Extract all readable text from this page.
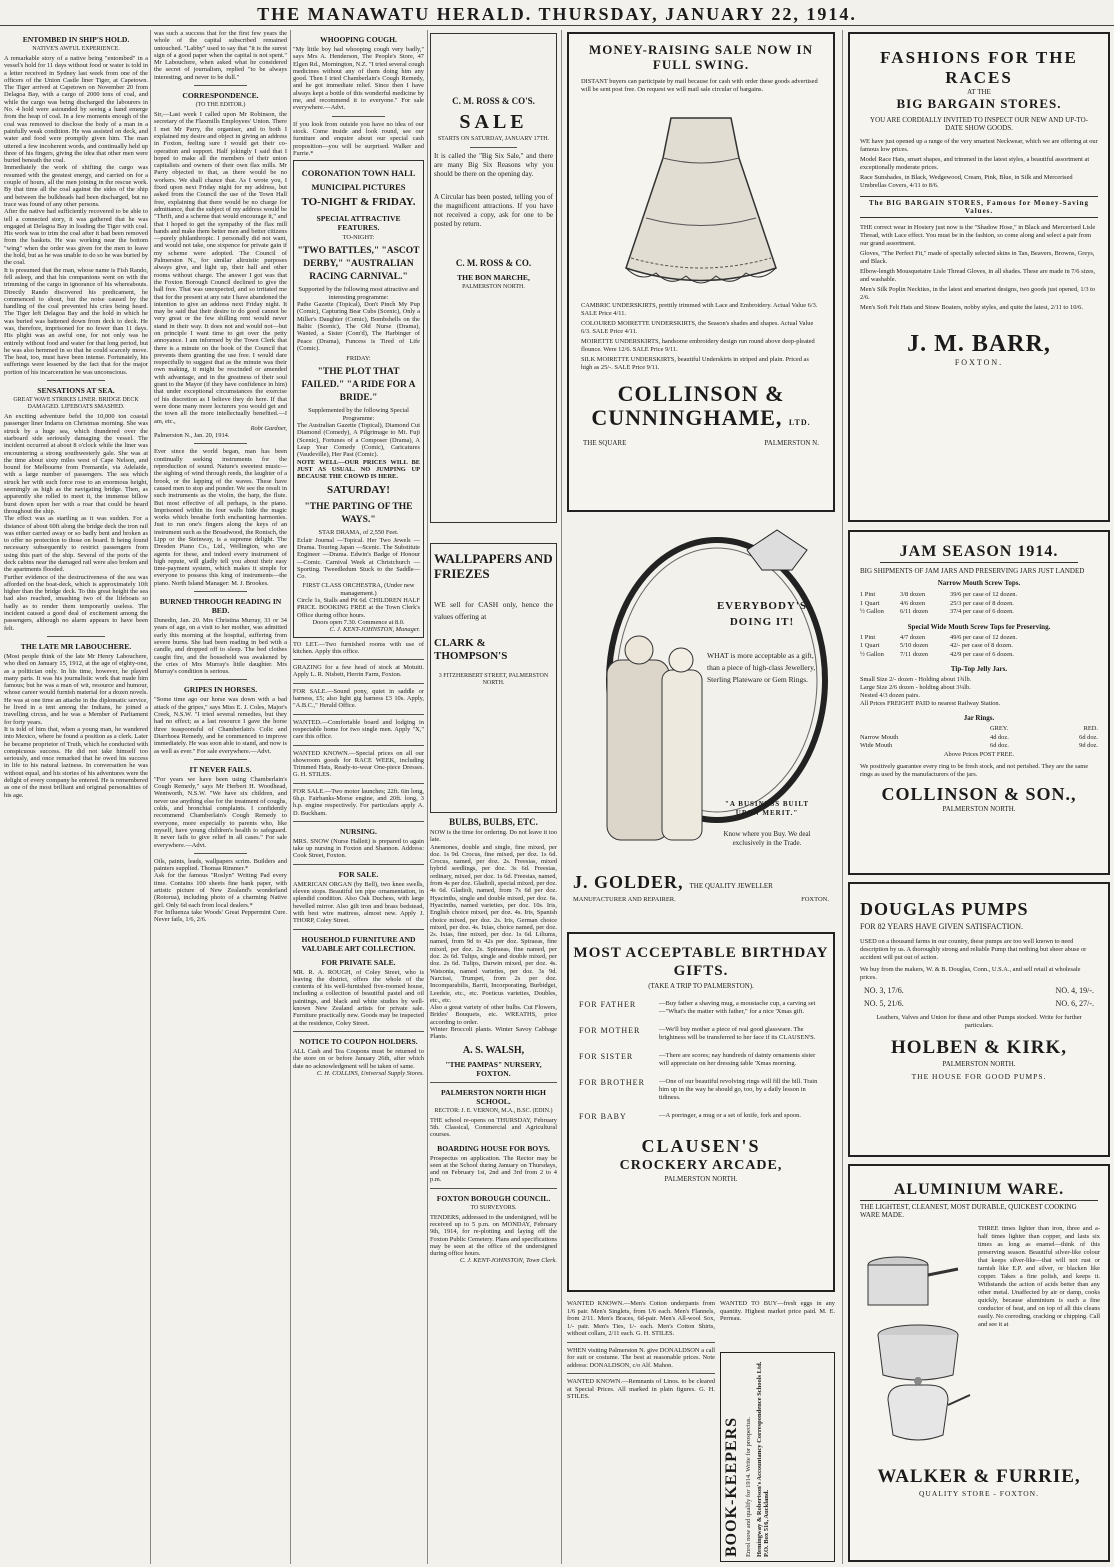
THE MANAWATU HERALD. THURSDAY, JANUARY 22, 1914.
ENTOMBED IN SHIP'S HOLD.
NATIVE'S AWFUL EXPERIENCE.

A remarkable story of a native being "entombed" in a vessel's hold for 11 days without food or water is told in a letter received in Sydney last week from one of the officers of the Union Castle liner Tiger, at Capetown. The Tiger arrived at Capetown on November 20 from Delagoa Bay, with a cargo of 2000 tons of coal, and while the cargo was being discharged the labourers in No. 4 hold were astounded by seeing a hand emerge from the heap of coal. In a few moments enough of the coal was removed to disclose the body of a man in a painfully weak condition. He was assisted on deck, and water and food were promptly given him. The man uttered a few incoherent words, and continually held up three of his fingers, giving the idea that other men were buried beneath the coal.

Immediately the work of shifting the cargo was resumed with the greatest energy, and carried on for a couple of hours, all the men joining in the rescue work. By that time all the coal against the sides of the ship and between the bulkheads had been discharged, but no trace was found of any other persons.

After the native had sufficiently recovered to be able to tell a connected story, it was gathered that he was engaged at Delagoa Bay in loading the Tiger with coal. His work was to trim the coal after it had been removed from the baskets. He was working near the bottom "wing" when the order was given for the men to leave the hold, but as he was unable to do so he was buried by the coal.

It is presumed that the man, whose name is Fish Rando, fell asleep, and that his companions went on with the trimming of the cargo in ignorance of his whereabouts. Directly Rando discovered his predicament, he commenced to shout, but the noise caused by the handling of the coal prevented his cries being heard. The Tiger left Delagoa Bay and the hold in which he was buried was battened down from deck to deck. He was, therefore, imprisoned for no fewer than 11 days. His plight was an awful one, for not only was he entirely without food and water for that long period, but he was also hemmed in so that he could scarcely move. The heat, too, must have been intense. Fortunately, his sufferings were lessened by the fact that for the major portion of his incarceration he was unconscious.

SENSATIONS AT SEA.
GREAT WAVE STRIKES LINER. BRIDGE DECK DAMAGED. LIFEBOATS SMASHED.

An exciting adventure befel the 10,000 ton coastal passenger liner Indarra on Christmas morning. She was struck by a huge sea, which thundered over the starboard side seriously damaging the vessel. The incident occurred at about 8 o'clock while the liner was encountering a strong southwesterly gale. She was at the time about sixty miles west of Cape Nelson, and bound for Melbourne from Fremantle, via Adelaide, with a large number of passengers. The sea which struck her with such force rose to an enormous height, seemingly as high as the navigating bridge. Then, as apparently she rolled to meet it, the immense billow burst down upon her with a roar that could be heard throughout the ship.

The effect was as startling as it was sudden. For a distance of about 60ft along the bridge deck the iron rail was either carried away or so badly bent and broken as to offer no protection to those on board. It being found necessary subsequently to restrict passengers from using this part of the ship. Several of the ports of the deck cabins near the damaged rail were also broken and the apartments flooded.

Further evidence of the destructiveness of the sea was afforded on the boat-deck, which is approximately 10ft higher than the bridge deck. To this great height the sea had also reached, smashing two of the lifeboats so badly as to render them temporarily useless. The incident caused a good deal of excitement among the passengers, although no alarm appears to have been felt.

THE LATE MR LABOUCHERE.

(Most people think of the late Mr Henry Labouchere, who died on January 15, 1912, at the age of eighty-one, as a politician only. In his time, however, he played many parts. It was his journalistic work that made him famous; but he was a man of wit, resource and humour, whose career would furnish material for a dozen novels. He was at one time an attache in the diplomatic service, he lived in a tent among the Indians, he joined a travelling circus, and he was a Member of Parliament for forty years.

It is told of him that, when a young man, he wandered into Mexico, where he found a position as a clerk. Later he became proprietor of Truth, which he conducted with conspicuous success. He did not take himself too seriously, and once remarked that he owed his success in life to his natural laziness. In conversation he was without equal, and his stories of his adventures were the delight of every company he entered. He is remembered as one of the most brilliant and original personalities of his age.

was such a success that for the first few years the whole of the capital subscribed remained untouched. "Labby" used to say that "it is the surest sign of a good paper when the capital is not spent." Mr Labouchere, when asked what he considered the secret of journalism, replied "to be always interesting, and never to be dull."

CORRESPONDENCE.
(TO THE EDITOR.)

Sir,—Last week I called upon Mr Robinson, the secretary of the Flaxmills Employees' Union. There I met Mr Parry, the organiser, and to both I explained my desire and object in giving an address in Foxton, feeling sure I would get their co-operation and support. Half jokingly I said that I hoped to make all the members of their union capitalists and owners of their own flax mills. Mr Parry objected to that, as there would be no workers. We shall chance that. As I wrote you, I fixed upon next Friday night for my address, but asked from the Council the use of the Town Hall free, explaining that there would be no charge for admittance, that the subject of my address would be "Thrift, and a scheme that would encourage it," and that I hoped to get the sympathy of the flax mill hands and make them better men and better citizens—purely philanthropic. I personally did not want, and would not take, one sixpence for private gain if my scheme were adopted. The Council of Palmerston N., for similar altruistic purposes always give, and light up, their hall and other rooms without charge. The answer I got was that the Foxton Borough Council declined to give the hall free. That was unexpected, and so irritated me that for the present at any rate I have abandoned the intention to give an address next Friday night. It may be said that their desire to do good cannot be very great or the few shilling rent would never stand in their way. It does not and would not—but on principle I want time to get over the petty annoyance. I am informed by the Town Clerk that there is a minute on the book of the Council that prevents them granting the use free. I would dare respectfully to suggest that as the minute was their own making, it might be rescinded or amended with advantage, and in the greatness of their soul grant to the Mayor (if they have confidence in him) that under exceptional circumstances the exercise of his discretion as I believe they do here. If that were done many more lecturers you would get and the town all the more intellectually benefited.—I am, etc.,

Robt Gardner,

Palmerston N., Jan. 20, 1914.

Ever since the world began, man has been continually seeking instruments for the reproduction of sound. Nature's sweetest music—the sighing of wind through reeds, the laughter of a brook, or the lapping of the waves. These have caused men to stop and ponder. We see the result in such instruments as the violin, the harp, the flute. But most effective of all perhaps, is the piano. Imprisoned within its four walls hide the magic works which breathe forth enchanting harmonies. Just to run one's fingers along the keys of an instrument such as the Broadwood, the Ronisch, the Lipp or the Steinway, is a supreme delight. The Dresden Piano Co., Ltd., Wellington, who are agents for these, and indeed every instrument of high repute, will gladly tell you about their easy time-payment system, which makes it simple for everyone to possess this king of instruments—the piano. North Island Manager: M. J. Brookes.

BURNED THROUGH READING IN BED.

Dunedin, Jan. 20. Mrs Christina Murray, 33 or 34 years of age, on a visit to her mother, was admitted early this morning at the hospital, suffering from severe burns. She had been reading in bed with a candle, and dropped off to sleep. The bed clothes caught fire, and the household was awakened by the cries of Mrs Murray's little daughter. Mrs Murray's condition is serious.

GRIPES IN HORSES.

"Some time ago our horse was down with a bad attack of the gripes," says Miss E. J. Coles, Major's Creek, N.S.W. "I tried several remedies, but they had no effect; as a last resource I gave the horse three teaspoonsful of Chamberlain's Colic and Diarrhoea Remedy, and he commenced to improve immediately. He was soon able to stand, and now is as well as ever." For sale everywhere.—Advt.

IT NEVER FAILS.

"For years we have been using Chamberlain's Cough Remedy," says Mr Herbert H. Woodhead, Wentworth, N.S.W. "We have six children, and never use anything else for the treatment of coughs, colds, and bronchial complaints. I confidently recommend Chamberlain's Cough Remedy to everyone, more especially to parents who, like myself, have young children's health to safeguard. It never fails to give relief in all cases." For sale everywhere.—Advt.

Oils, paints, leads, wallpapers scrim. Builders and painters supplied. Thomas Rimmer.*

Ask for the famous "Roslyn" Writing Pad every time. Contains 100 sheets fine bank paper, with artistic picture of New Zealand's wonderland (Rotorua), including photo of a charming Native girl. Only 6d each from local dealers.*

For Influenza take Woods' Great Peppermint Cure. Never fails, 1/6, 2/6.

WHOOPING COUGH.

"My little boy had whooping cough very badly," says Mrs A. Henderson, The People's Store, 47 Elgen Rd., Mornington, N.Z. "I tried several cough medicines without any of them doing him any good. Then I tried Chamberlain's Cough Remedy, and he got immediate relief. Since then I have always kept a bottle of this wonderful medicine by me, and recommend it to everyone." For sale everywhere.—Advt.

If you look from outside you have no idea of our stock. Come inside and look round, see our furniture and enquire about our special cash proposition—you will be surprised. Walker and Furrie.*

CORONATION TOWN HALL
MUNICIPAL PICTURES
TO-NIGHT & FRIDAY.
SPECIAL ATTRACTIVE FEATURES.
TO-NIGHT:
"TWO BATTLES," "ASCOT DERBY," "AUSTRALIAN RACING CARNIVAL."

Supported by the following most attractive and interesting programme:

Pathe Gazette (Topical), Don't Pinch My Pup (Comic), Capturing Bear Cubs (Scenic), Only a Miller's Daughter (Comic), Bombshells on the Baltic (Scenic), The Old Nurse (Drama), Wanted, a Sister (Com'd), The Harbinger of Peace (Drama), Funcess is Tired of Life (Comic).

FRIDAY:
"THE PLOT THAT FAILED." "A RIDE FOR A BRIDE."

Supplemented by the following Special Programme:

The Australian Gazette (Topical), Diamond Cut Diamond (Comedy), A Pilgrimage to Mt. Fuji (Scenic), Fortunes of a Composer (Drama), A Leap Year Comedy (Comic), Caricatures (Vaudeville), Her Past (Comic).

NOTE WELL—OUR PRICES WILL BE JUST AS USUAL. NO JUMPING UP BECAUSE THE CROWD IS HERE.

SATURDAY!
"THE PARTING OF THE WAYS."
STAR DRAMA, of 2,550 Feet.

Eclair Journal —Topical. Her Two Jewels —Drama. Touring Japan —Scenic. The Substitute Engineer —Drama. Edwin's Badge of Honour —Comic. Carnival Week at Christchurch —Sporting. Tweedledum Stuck to the Saddle—Co.

FIRST CLASS ORCHESTRA, (Under new management.)

Circle 1s, Stalls and Pit 6d. CHILDREN HALF PRICE. BOOKING FREE at the Town Clerk's Office during office hours.

Doors open 7.30. Commence at 8.0.
C. J. KENT-JOHNSTON, Manager.

TO LET.—Two furnished rooms with use of kitchen. Apply this office.

GRAZING for a few head of stock at Motuiti. Apply L. R. Nisbett, Herrin Farm, Foxton.

FOR SALE.—Sound pony, quiet in saddle or harness, £5; also light gig harness £3 10s. Apply, "A.B.C.," Herald Office.

WANTED.—Comfortable board and lodging in respectable home for two single men. Apply "X," care this office.

WANTED KNOWN.—Special prices on all our showroom goods for RACE WEEK, including Trimmed Hats, Ready-to-wear One-piece Dresses. G. H. STILES.

FOR SALE.—Two motor launches; 22ft. 6in long, 6h.p. Fairbanks-Morse engine, and 20ft. long, 3 h.p. engine respectively. For particulars apply A. D. Buckham.

NURSING.

MRS. SNOW (Nurse Hallett) is prepared to again take up nursing in Foxton and Shannon. Address: Cook Street, Foxton.

FOR SALE.

AMERICAN ORGAN (by Bell), two knee swells, eleven stops. Beautiful ten pipe ornamentation, in splendid condition. Also Oak Duchess, with large bevelled mirror. Also gilt iron and brass bedstead, with best wire mattress, almost new. Apply J. THORP, Coley Street.

HOUSEHOLD FURNITURE AND VALUABLE ART COLLECTION.
FOR PRIVATE SALE.

MR. R. A. ROUGH, of Coley Street, who is leaving the district, offers the whole of the contents of his well-furnished five-roomed house, including a collection of beautiful pastel and oil paintings, and black and white studies by well-known New Zealand artists for private sale. Furniture practically new. Goods may be inspected at the residence, Coley Street.

NOTICE TO COUPON HOLDERS.

ALL Cash and Tea Coupons must be returned to the store on or before January 26th, after which date no acknowledgment will be taken of same.

C. H. COLLINS, Universal Supply Stores.
C. M. ROSS & CO'S.
SALE
STARTS ON SATURDAY, JANUARY 17TH.

It is called the "Big Six Sale," and there are many Big Six Reasons why you should be there on the opening day.

A Circular has been posted, telling you of the magnificent attractions. If you have not received a copy, ask for one to be posted by return.

C. M. ROSS & CO.
THE BON MARCHE,
PALMERSTON NORTH.
WALLPAPERS AND FRIEZES

WE sell for CASH only, hence the values offering at

CLARK & THOMPSON'S
3 FITZHERBERT STREET, PALMERSTON NORTH.
BULBS, BULBS, ETC.

NOW is the time for ordering. Do not leave it too late.

Anemones, double and single, fine mixed, per doz. 1s 9d. Crocus, fine mixed, per doz. 1s 6d. Crocus, named, per doz. 2s. Freesias, mixed hybrid seedlings, per doz. 3s 6d. Freesias, ordinary, mixed, per doz. 1s 6d. Freesias, named, from 4s per doz. Gladioli, special mixed, per doz. 4s 6d. Gladioli, named, from 7s 6d per doz. Hyacinths, single and double mixed, per doz. 6s. Hyacinths, named varieties, per doz. 10s. Iris, English choice mixed, per doz. 4s. Iris, Spanish choice mixed, per doz. 2s. Iris, German choice mixed, per doz. 4s. Ixias, choice named, per doz. 2s. Ixias, fine mixed, per doz. 1s 6d. Liliums, named, from 9d to 42s per doz. Spiraeas, fine mixed, per doz. 2s. Spiraeas, fine named, per doz. 2s 6d. Tulips, single and double mixed, per doz. 2s 6d. Tulips, Darwin mixed, per doz. 4s. Watsonia, named varieties, per doz. 3s 9d. Narcissi, Trumpet, from 2s per doz. Incomparabilis, Barrii, Incorporating, Burbidgei, Leedsie, etc., etc. Poeticus varieties, Doubles, etc., etc.

Also a great variety of other bulbs. Cut Flowers, Brides' Bouquets, etc. WREATHS, price according to order.

Winter Broccoli plants. Winter Savoy Cabbage Plants.

A. S. WALSH,
"THE PAMPAS" NURSERY, FOXTON.
PALMERSTON NORTH HIGH SCHOOL.
RECTOR: J. E. VERNON, M.A., B.SC. (EDIN.)

THE school re-opens on THURSDAY, February 5th. Classical, Commercial and Agricultural courses.

BOARDING HOUSE FOR BOYS.

Prospectus on application. The Rector may be seen at the School during January on Thursdays, and on February 1st, 2nd and 3rd from 2 to 4 p.m.

FOXTON BOROUGH COUNCIL.
TO SURVEYORS.

TENDERS, addressed to the undersigned, will be received up to 5 p.m. on MONDAY, February 9th, 1914, for re-plotting and laying off the Foxton Public Cemetery. Plans and specifications may be seen at the office of the undersigned during office hours.

C. J. KENT-JOHNSTON, Town Clerk.
MONEY-RAISING SALE NOW IN FULL SWING.

DISTANT buyers can participate by mail because for cash with order these goods advertised will be sent post free. On request we will mail sale circular of bargains.

CAMBRIC UNDERSKIRTS, prettily trimmed with Lace and Embroidery. Actual Value 6/3. SALE Price 4/11.

COLOURED MOIRETTE UNDERSKIRTS, the Season's shades and shapes. Actual Value 6/3. SALE Price 4/11.

MOIRETTE UNDERSKIRTS, handsome embroidery design run round above deep-pleated flounce. Were 12/6. SALE Price 9/11.

SILK MOIRETTE UNDERSKIRTS, beautiful Underskirts in striped and plain. Priced as high as 25/-. SALE Price 9/11.

COLLINSON &
CUNNINGHAME, LTD.
THE SQUARE	PALMERSTON N.
EVERYBODY'S DOING IT!

WHAT is more acceptable as a gift, than a piece of high-class Jewellery, Sterling Plateware or Gem Rings.

"A BUSINESS BUILT UPON MERIT."

Know where you Buy. We deal exclusively in the Trade.

J. GOLDER, THE QUALITY JEWELLER
MANUFACTURER AND REPAIRER.	FOXTON.
MOST ACCEPTABLE BIRTHDAY GIFTS.
(TAKE A TRIP TO PALMERSTON).
FOR FATHER	—Buy father a shaving mug, a moustache cup, a carving set—"What's the matter with father," for a nice 'Xmas gift.
FOR MOTHER	—We'll buy mother a piece of real good glassware. The brightness will be transferred to her face if its CLAUSEN'S.
FOR SISTER	—There are scores; nay hundreds of dainty ornaments sister will appreciate on her dressing table 'Xmas morning.
FOR BROTHER	—One of our beautiful revolving rings will fill the bill. Train him up in the way he should go, too, by a daily lesson in tidiness.
FOR BABY	—A porringer, a mug or a set of knife, fork and spoon.
CLAUSEN'S
CROCKERY ARCADE,
PALMERSTON NORTH.

WANTED KNOWN.—Men's Cotton underpants from 1/6 pair. Men's Singlets, from 1/6 each. Men's Flannels, from 2/11. Men's Braces, 6d-pair. Men's All-wool Sox, 1/- pair. Men's Ties, 1/- each. Men's Cotton Shirts, without collars, 2/11 each. G. H. STILES.

WHEN visiting Palmerston N. give DONALDSON a call for suit or costume. The best at reasonable prices. Note address: DONALDSON, c/o Alf. Mahon.

WANTED KNOWN.—Remnants of Linos. to be cleared at Special Prices. All marked in plain figures. G. H. STILES.

WANTED TO BUY—fresh eggs in any quantity. Highest market price paid. M. E. Perreau.
BOOK-KEEPERS Enrol now and qualify for 1914. Write for prospectus. Hemingway & Robertson's Accountancy Correspondence Schools Ltd. P.O. Box 516, Auckland.
FASHIONS FOR THE RACES
AT THE
BIG BARGAIN STORES.
YOU ARE CORDIALLY INVITED TO INSPECT OUR NEW AND UP-TO-DATE SHOW GOODS.

WE have just opened up a range of the very smartest Neckwear, which we are offering at our famous low prices.

Model Race Hats, smart shapes, and trimmed in the latest styles, a beautiful assortment at exceptionally moderate prices.

Race Sunshades, in Black, Wedgewood, Cream, Pink, Blue, in Silk and Mercerised Umbrellas Covers, 4/11 to 8/6.

The BIG BARGAIN STORES, Famous for Money-Saving Values.

THE correct wear in Hosiery just now is the "Shadow Hose," in Black and Mercerised Lisle Thread, with Lace effect. You must be in the fashion, so come along and select a pair from our grand assortment.

Gloves, "The Perfect Fit," made of specially selected skins in Tan, Beavers, Browns, Greys, and Black.

Elbow-length Mousquetaire Lisle Thread Gloves, in all shades. These are made in 7/6 sizes, and washable.

Men's Silk Poplin Neckties, in the latest and smartest designs, two goods just opened, 1/3 to 2/6.

Men's Soft Felt Hats and Straw Boaters, nobby styles, and quite the latest, 2/11 to 10/6.

J. M. BARR,
FOXTON.
JAM SEASON 1914.
BIG SHIPMENTS OF JAM JARS AND PRESERVING JARS JUST LANDED
Narrow Mouth Screw Tops.
1 Pint	3/8 dozen	39/6 per case of 12 dozen.
1 Quart	4/6 dozen	25/3 per case of 8 dozen.
½ Gallon	6/11 dozen	37/4 per case of 6 dozen.
Special Wide Mouth Screw Tops for Preserving.
1 Pint	4/7 dozen	49/6 per case of 12 dozen.
1 Quart	5/10 dozen	42/- per case of 8 dozen.
½ Gallon	7/11 dozen	42/9 per case of 6 dozen.
Tip-Top Jelly Jars.
Small Size 2/- dozen - Holding about 1¾lb.
Large Size 2/6 dozen - holding about 3¼lb.
Nested 4/3 dozen pairs.
All Prices FREIGHT PAID to nearest Railway Station.
Jar Rings.
GREY.	RED.
Narrow Mouth	4d doz.	6d doz.
Wide Mouth	6d doz.	9d doz.
Above Prices POST FREE.

We positively guarantee every ring to be fresh stock, and not perished. They are the same rings as used by the manufacturers of the jars.

COLLINSON & SON.,
PALMERSTON NORTH.
DOUGLAS PUMPS
FOR 82 YEARS HAVE GIVEN SATISFACTION.

USED on a thousand farms in our country, these pumps are too well known to need description by us. A thoroughly strong and reliable Pump that nothing but sheer abuse or accident will put out of action.

We buy from the makers, W. & B. Douglas, Conn., U.S.A., and sell retail at wholesale prices.

NO. 3, 17/6.	NO. 4, 19/-.
NO. 5, 21/6.	NO. 6, 27/-.

Leathers, Valves and Union for these and other Pumps stocked. Write for further particulars.

HOLBEN & KIRK,
PALMERSTON NORTH.
THE HOUSE FOR GOOD PUMPS.
ALUMINIUM WARE.
THE LIGHTEST, CLEANEST, MOST DURABLE, QUICKEST COOKING WARE MADE.

THREE times lighter than iron, three and a-half times lighter than copper, and lasts six times as long as enamel—think of this preserving season. Beautiful silver-like colour that keeps silver-like—that will not rust or tarnish like E.P. and silver, or blacken like copper. Takes a fine polish, and keeps it. Withstands the action of acids better than any other metal. Unaffected by air or damp, cooks quickly, because aluminium is such a fine conductor of heat, and on top of all this cleans easily. No corroding, cracking or chipping. Call and see it at

WALKER & FURRIE,
QUALITY STORE - FOXTON.
